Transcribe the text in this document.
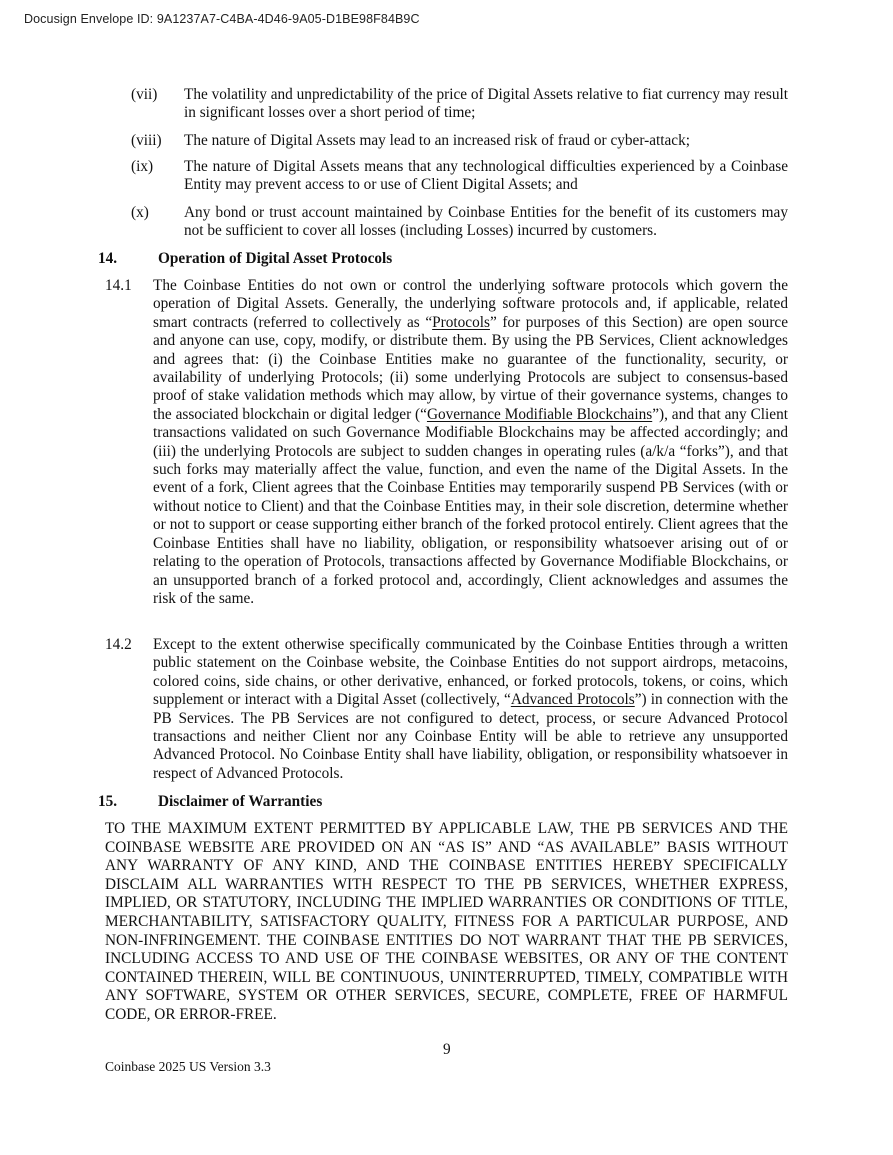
Docusign Envelope ID: 9A1237A7-C4BA-4D46-9A05-D1BE98F84B9C
(vii) The volatility and unpredictability of the price of Digital Assets relative to fiat currency may result in significant losses over a short period of time;
(viii) The nature of Digital Assets may lead to an increased risk of fraud or cyber-attack;
(ix) The nature of Digital Assets means that any technological difficulties experienced by a Coinbase Entity may prevent access to or use of Client Digital Assets; and
(x) Any bond or trust account maintained by Coinbase Entities for the benefit of its customers may not be sufficient to cover all losses (including Losses) incurred by customers.
14.	Operation of Digital Asset Protocols
14.1 The Coinbase Entities do not own or control the underlying software protocols which govern the operation of Digital Assets. Generally, the underlying software protocols and, if applicable, related smart contracts (referred to collectively as “Protocols” for purposes of this Section) are open source and anyone can use, copy, modify, or distribute them. By using the PB Services, Client acknowledges and agrees that: (i) the Coinbase Entities make no guarantee of the functionality, security, or availability of underlying Protocols; (ii) some underlying Protocols are subject to consensus-based proof of stake validation methods which may allow, by virtue of their governance systems, changes to the associated blockchain or digital ledger (“Governance Modifiable Blockchains”), and that any Client transactions validated on such Governance Modifiable Blockchains may be affected accordingly; and (iii) the underlying Protocols are subject to sudden changes in operating rules (a/k/a “forks”), and that such forks may materially affect the value, function, and even the name of the Digital Assets. In the event of a fork, Client agrees that the Coinbase Entities may temporarily suspend PB Services (with or without notice to Client) and that the Coinbase Entities may, in their sole discretion, determine whether or not to support or cease supporting either branch of the forked protocol entirely. Client agrees that the Coinbase Entities shall have no liability, obligation, or responsibility whatsoever arising out of or relating to the operation of Protocols, transactions affected by Governance Modifiable Blockchains, or an unsupported branch of a forked protocol and, accordingly, Client acknowledges and assumes the risk of the same.
14.2 Except to the extent otherwise specifically communicated by the Coinbase Entities through a written public statement on the Coinbase website, the Coinbase Entities do not support airdrops, metacoins, colored coins, side chains, or other derivative, enhanced, or forked protocols, tokens, or coins, which supplement or interact with a Digital Asset (collectively, “Advanced Protocols”) in connection with the PB Services. The PB Services are not configured to detect, process, or secure Advanced Protocol transactions and neither Client nor any Coinbase Entity will be able to retrieve any unsupported Advanced Protocol. No Coinbase Entity shall have liability, obligation, or responsibility whatsoever in respect of Advanced Protocols.
15.	Disclaimer of Warranties
TO THE MAXIMUM EXTENT PERMITTED BY APPLICABLE LAW, THE PB SERVICES AND THE COINBASE WEBSITE ARE PROVIDED ON AN “AS IS” AND “AS AVAILABLE” BASIS WITHOUT ANY WARRANTY OF ANY KIND, AND THE COINBASE ENTITIES HEREBY SPECIFICALLY DISCLAIM ALL WARRANTIES WITH RESPECT TO THE PB SERVICES, WHETHER EXPRESS, IMPLIED, OR STATUTORY, INCLUDING THE IMPLIED WARRANTIES OR CONDITIONS OF TITLE, MERCHANTABILITY, SATISFACTORY QUALITY, FITNESS FOR A PARTICULAR PURPOSE, AND NON-INFRINGEMENT. THE COINBASE ENTITIES DO NOT WARRANT THAT THE PB SERVICES, INCLUDING ACCESS TO AND USE OF THE COINBASE WEBSITES, OR ANY OF THE CONTENT CONTAINED THEREIN, WILL BE CONTINUOUS, UNINTERRUPTED, TIMELY, COMPATIBLE WITH ANY SOFTWARE, SYSTEM OR OTHER SERVICES, SECURE, COMPLETE, FREE OF HARMFUL CODE, OR ERROR-FREE.
9
Coinbase 2025 US Version 3.3
